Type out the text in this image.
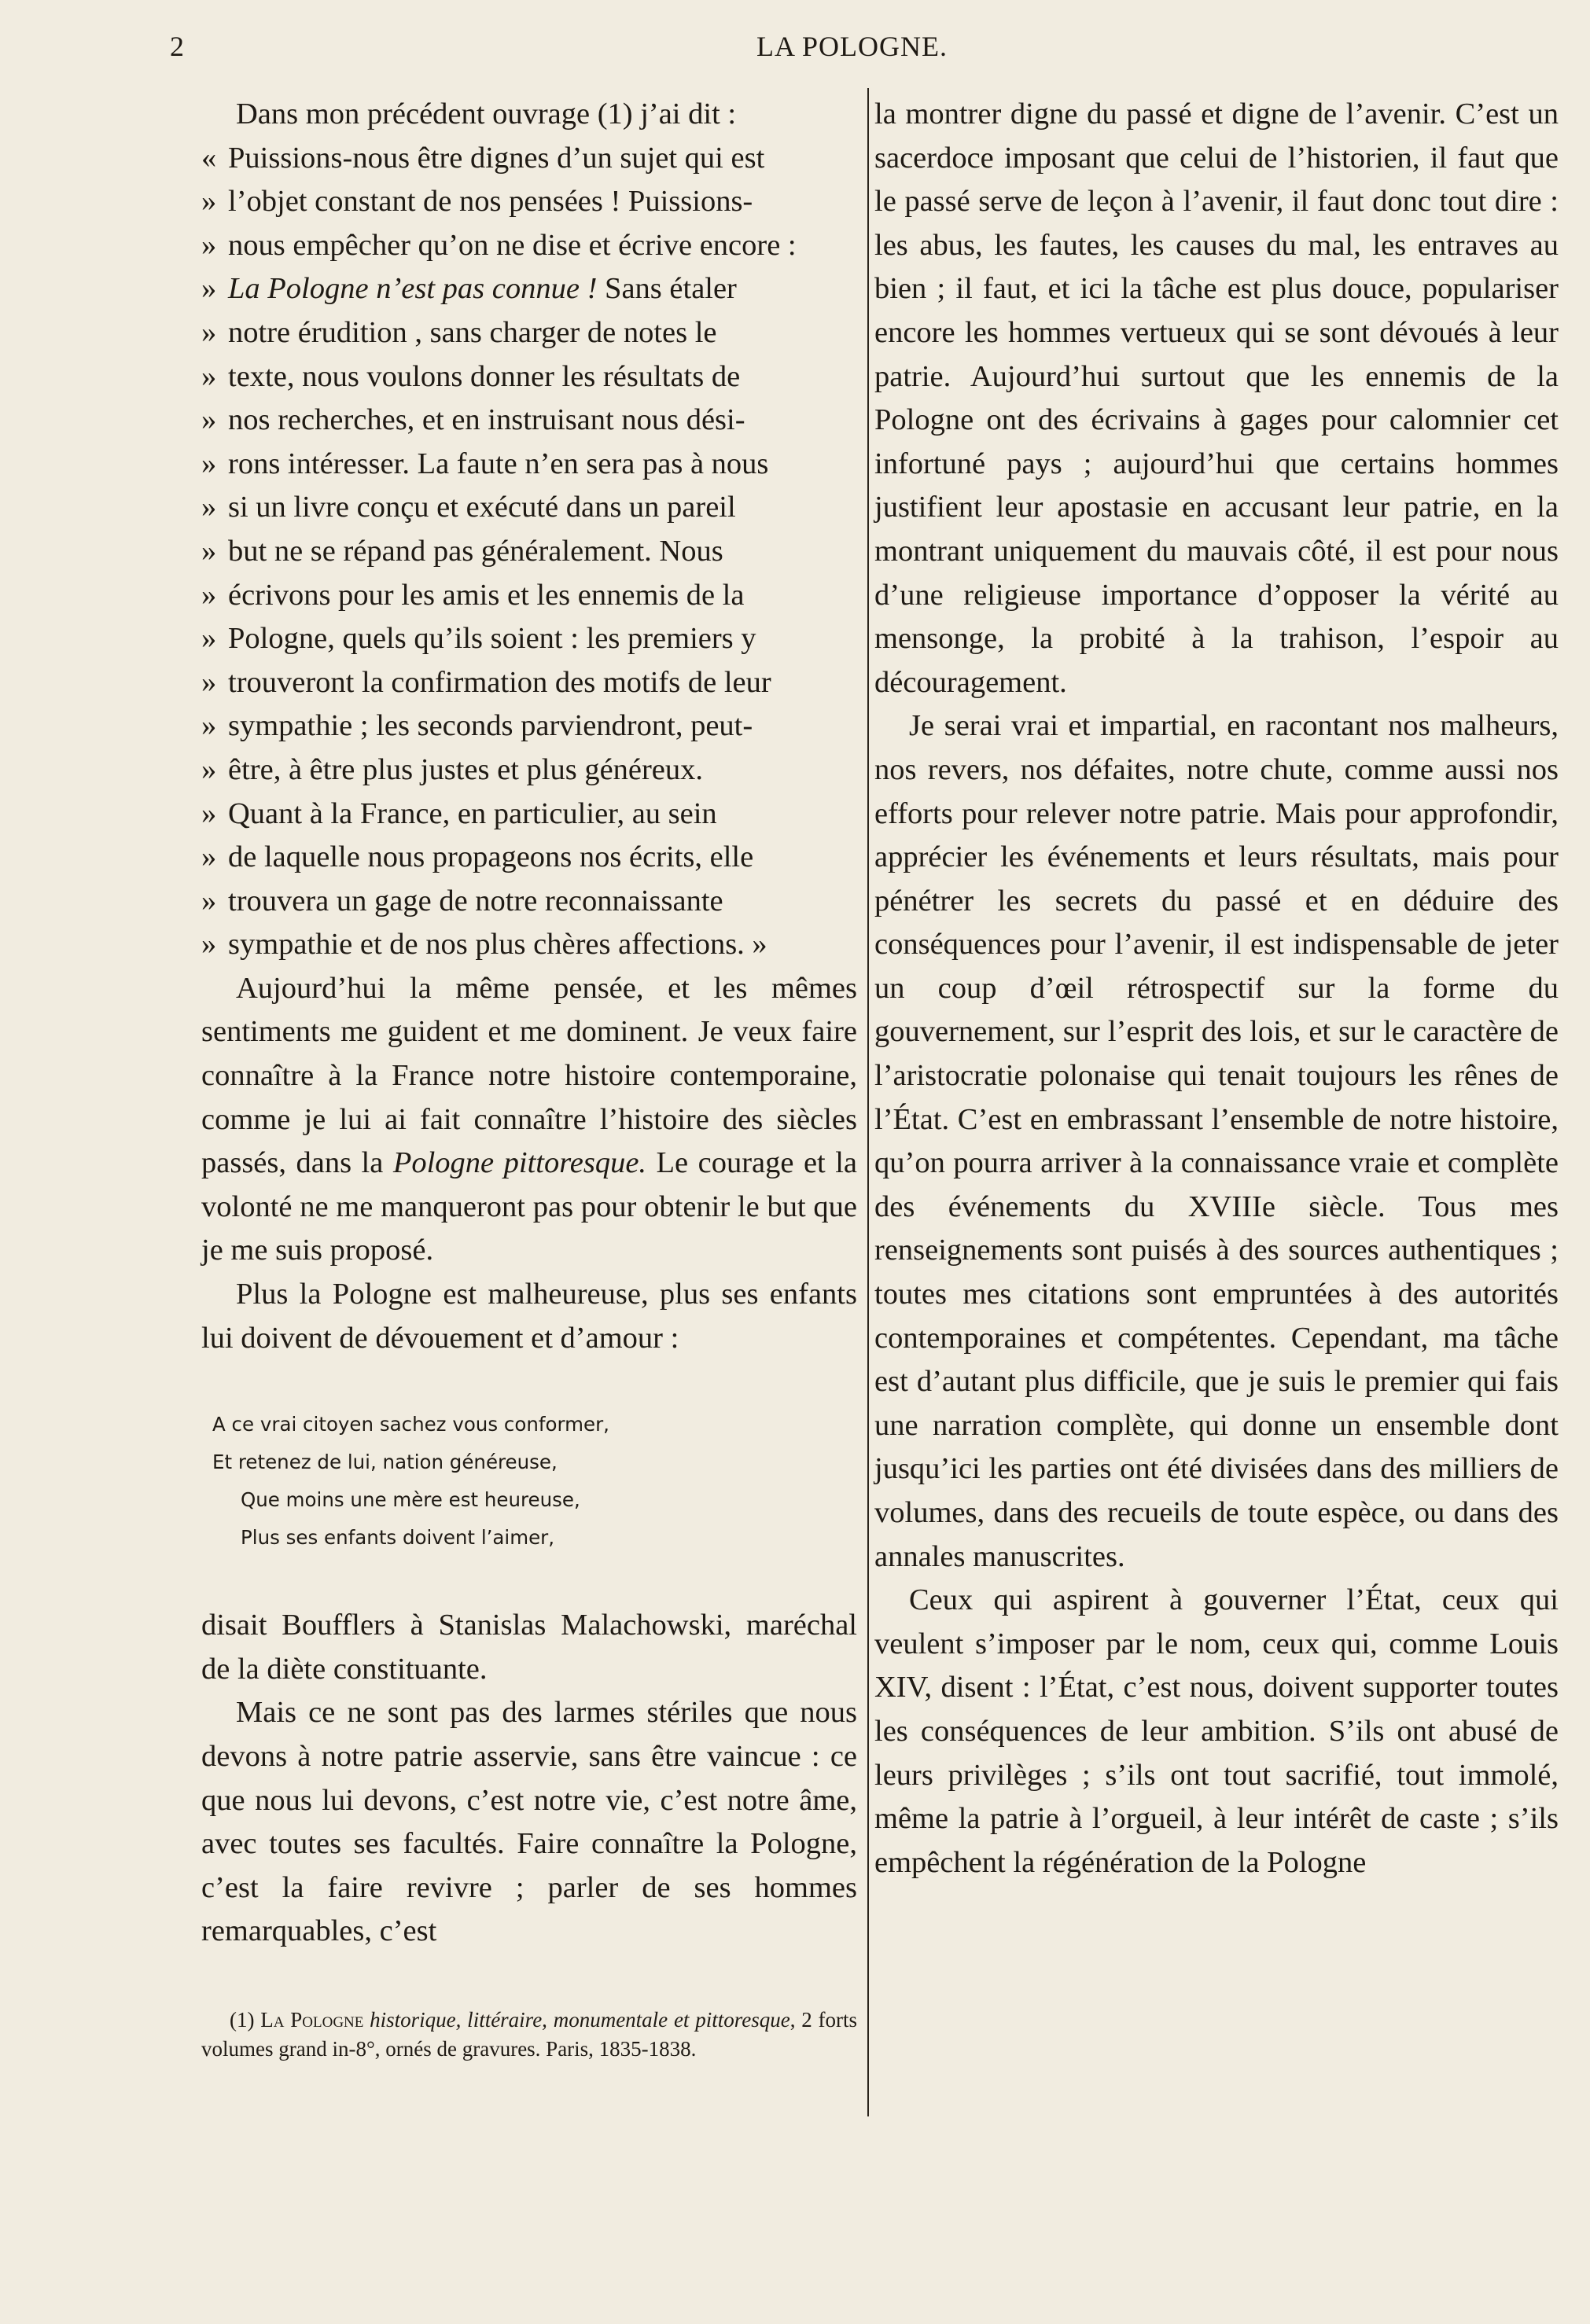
2	LA POLOGNE.

Dans mon précédent ouvrage (1) j’ai dit :

« Puissions-nous être dignes d’un sujet qui est

» l’objet constant de nos pensées ! Puissions-

» nous empêcher qu’on ne dise et écrive encore :

» La Pologne n’est pas connue ! Sans étaler

» notre érudition , sans charger de notes le

» texte, nous voulons donner les résultats de

» nos recherches, et en instruisant nous dési-

» rons intéresser. La faute n’en sera pas à nous

» si un livre conçu et exécuté dans un pareil

» but ne se répand pas généralement. Nous

» écrivons pour les amis et les ennemis de la

» Pologne, quels qu’ils soient : les premiers y

» trouveront la confirmation des motifs de leur

» sympathie ; les seconds parviendront, peut-

» être, à être plus justes et plus généreux.

» Quant à la France, en particulier, au sein

» de laquelle nous propageons nos écrits, elle

» trouvera un gage de notre reconnaissante

» sympathie et de nos plus chères affections. »

Aujourd’hui la même pensée, et les mêmes sentiments me guident et me dominent. Je veux faire connaître à la France notre histoire contemporaine, comme je lui ai fait connaître l’histoire des siècles passés, dans la Pologne pittoresque. Le courage et la volonté ne me manqueront pas pour obtenir le but que je me suis proposé.

Plus la Pologne est malheureuse, plus ses enfants lui doivent de dévouement et d’amour :

A ce vrai citoyen sachez vous conformer,
Et retenez de lui, nation généreuse,
Que moins une mère est heureuse,
Plus ses enfants doivent l’aimer,

disait Boufflers à Stanislas Malachowski, maréchal de la diète constituante.

Mais ce ne sont pas des larmes stériles que nous devons à notre patrie asservie, sans être vaincue : ce que nous lui devons, c’est notre vie, c’est notre âme, avec toutes ses facultés. Faire connaître la Pologne, c’est la faire revivre ; parler de ses hommes remarquables, c’est

(1) La Pologne historique, littéraire, monumentale et pittoresque, 2 forts volumes grand in-8°, ornés de gravures. Paris, 1835-1838.

la montrer digne du passé et digne de l’avenir. C’est un sacerdoce imposant que celui de l’historien, il faut que le passé serve de leçon à l’avenir, il faut donc tout dire : les abus, les fautes, les causes du mal, les entraves au bien ; il faut, et ici la tâche est plus douce, populariser encore les hommes vertueux qui se sont dévoués à leur patrie. Aujourd’hui surtout que les ennemis de la Pologne ont des écrivains à gages pour calomnier cet infortuné pays ; aujourd’hui que certains hommes justifient leur apostasie en accusant leur patrie, en la montrant uniquement du mauvais côté, il est pour nous d’une religieuse importance d’opposer la vérité au mensonge, la probité à la trahison, l’espoir au découragement.

Je serai vrai et impartial, en racontant nos malheurs, nos revers, nos défaites, notre chute, comme aussi nos efforts pour relever notre patrie. Mais pour approfondir, apprécier les événements et leurs résultats, mais pour pénétrer les secrets du passé et en déduire des conséquences pour l’avenir, il est indispensable de jeter un coup d’œil rétrospectif sur la forme du gouvernement, sur l’esprit des lois, et sur le caractère de l’aristocratie polonaise qui tenait toujours les rênes de l’État. C’est en embrassant l’ensemble de notre histoire, qu’on pourra arriver à la connaissance vraie et complète des événements du XVIIIe siècle. Tous mes renseignements sont puisés à des sources authentiques ; toutes mes citations sont empruntées à des autorités contemporaines et compétentes. Cependant, ma tâche est d’autant plus difficile, que je suis le premier qui fais une narration complète, qui donne un ensemble dont jusqu’ici les parties ont été divisées dans des milliers de volumes, dans des recueils de toute espèce, ou dans des annales manuscrites.

Ceux qui aspirent à gouverner l’État, ceux qui veulent s’imposer par le nom, ceux qui, comme Louis XIV, disent : l’État, c’est nous, doivent supporter toutes les conséquences de leur ambition. S’ils ont abusé de leurs privilèges ; s’ils ont tout sacrifié, tout immolé, même la patrie à l’orgueil, à leur intérêt de caste ; s’ils empêchent la régénération de la Pologne
